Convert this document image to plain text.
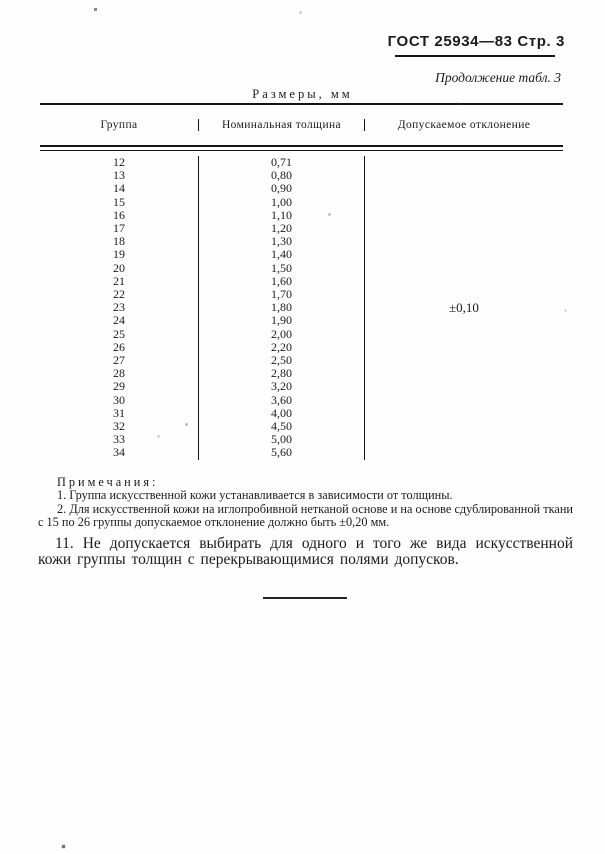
ГОСТ 25934—83 Стр. 3
Продолжение табл. 3
Размеры, мм
Группа	Номинальная толщина	Допускаемое отклонение
12
13
14
15
16
17
18
19
20
21
22
23
24
25
26
27
28
29
30
31
32
33
34
0,71
0,80
0,90
1,00
1,10
1,20
1,30
1,40
1,50
1,60
1,70
1,80
1,90
2,00
2,20
2,50
2,80
3,20
3,60
4,00
4,50
5,00
5,60
±0,10
Примечания:
1. Группа искусственной кожи устанавливается в зависимости от толщины.
2. Для искусственной кожи на иглопробивной нетканой основе и на основе сдублированной ткани с 15 по 26 группы допускаемое отклонение должно быть ±0,20 мм.
11. Не допускается выбирать для одного и того же вида искусственной кожи группы толщин с перекрывающимися полями допусков.
